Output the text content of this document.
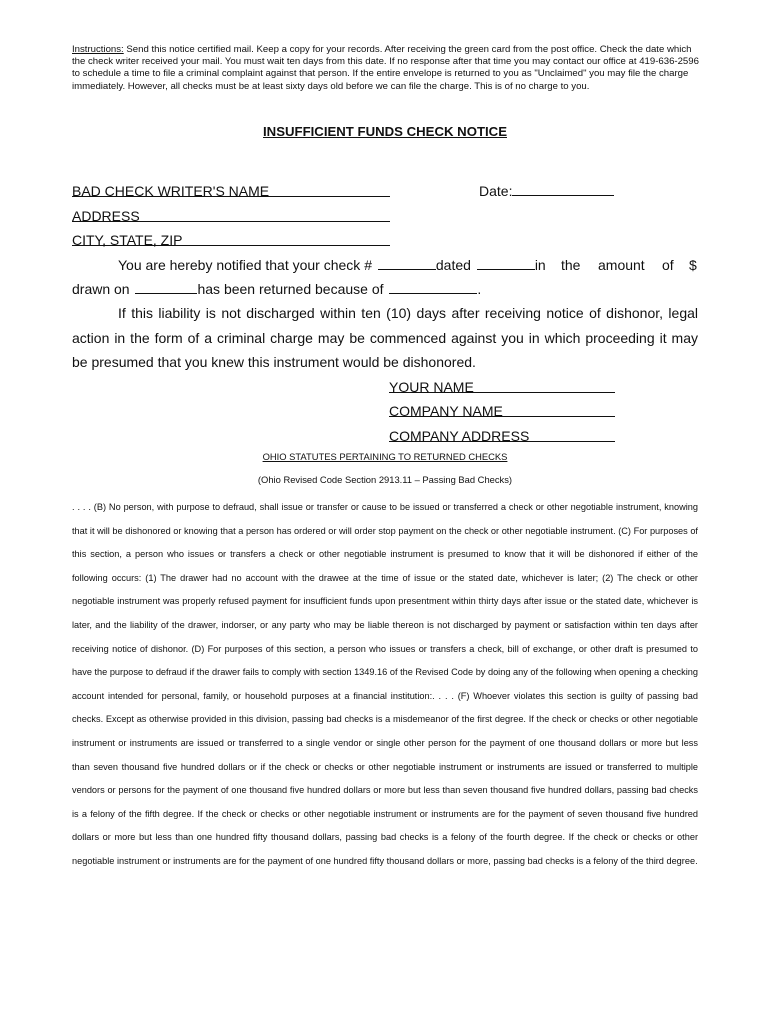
Instructions: Send this notice certified mail. Keep a copy for your records. After receiving the green card from the post office. Check the date which the check writer received your mail. You must wait ten days from this date. If no response after that time you may contact our office at 419-636-2596 to schedule a time to file a criminal complaint against that person. If the entire envelope is returned to you as "Unclaimed" you may file the charge immediately. However, all checks must be at least sixty days old before we can file the charge. This is of no charge to you.
INSUFFICIENT FUNDS CHECK NOTICE
BAD CHECK WRITER'S NAME	Date:
ADDRESS
CITY, STATE, ZIP
You are hereby notified that your check #	dated	in the amount of $
drawn on	has been returned because of	.
If this liability is not discharged within ten (10) days after receiving notice of dishonor, legal action in the form of a criminal charge may be commenced against you in which proceeding it may be presumed that you knew this instrument would be dishonored.
YOUR NAME
COMPANY NAME
COMPANY ADDRESS
OHIO STATUTES PERTAINING TO RETURNED CHECKS
(Ohio Revised Code Section 2913.11 – Passing Bad Checks)
. . . . (B) No person, with purpose to defraud, shall issue or transfer or cause to be issued or transferred a check or other negotiable instrument, knowing that it will be dishonored or knowing that a person has ordered or will order stop payment on the check or other negotiable instrument. (C) For purposes of this section, a person who issues or transfers a check or other negotiable instrument is presumed to know that it will be dishonored if either of the following occurs: (1) The drawer had no account with the drawee at the time of issue or the stated date, whichever is later; (2) The check or other negotiable instrument was properly refused payment for insufficient funds upon presentment within thirty days after issue or the stated date, whichever is later, and the liability of the drawer, indorser, or any party who may be liable thereon is not discharged by payment or satisfaction within ten days after receiving notice of dishonor. (D) For purposes of this section, a person who issues or transfers a check, bill of exchange, or other draft is presumed to have the purpose to defraud if the drawer fails to comply with section 1349.16 of the Revised Code by doing any of the following when opening a checking account intended for personal, family, or household purposes at a financial institution:. . . . (F) Whoever violates this section is guilty of passing bad checks. Except as otherwise provided in this division, passing bad checks is a misdemeanor of the first degree. If the check or checks or other negotiable instrument or instruments are issued or transferred to a single vendor or single other person for the payment of one thousand dollars or more but less than seven thousand five hundred dollars or if the check or checks or other negotiable instrument or instruments are issued or transferred to multiple vendors or persons for the payment of one thousand five hundred dollars or more but less than seven thousand five hundred dollars, passing bad checks is a felony of the fifth degree. If the check or checks or other negotiable instrument or instruments are for the payment of seven thousand five hundred dollars or more but less than one hundred fifty thousand dollars, passing bad checks is a felony of the fourth degree. If the check or checks or other negotiable instrument or instruments are for the payment of one hundred fifty thousand dollars or more, passing bad checks is a felony of the third degree.
